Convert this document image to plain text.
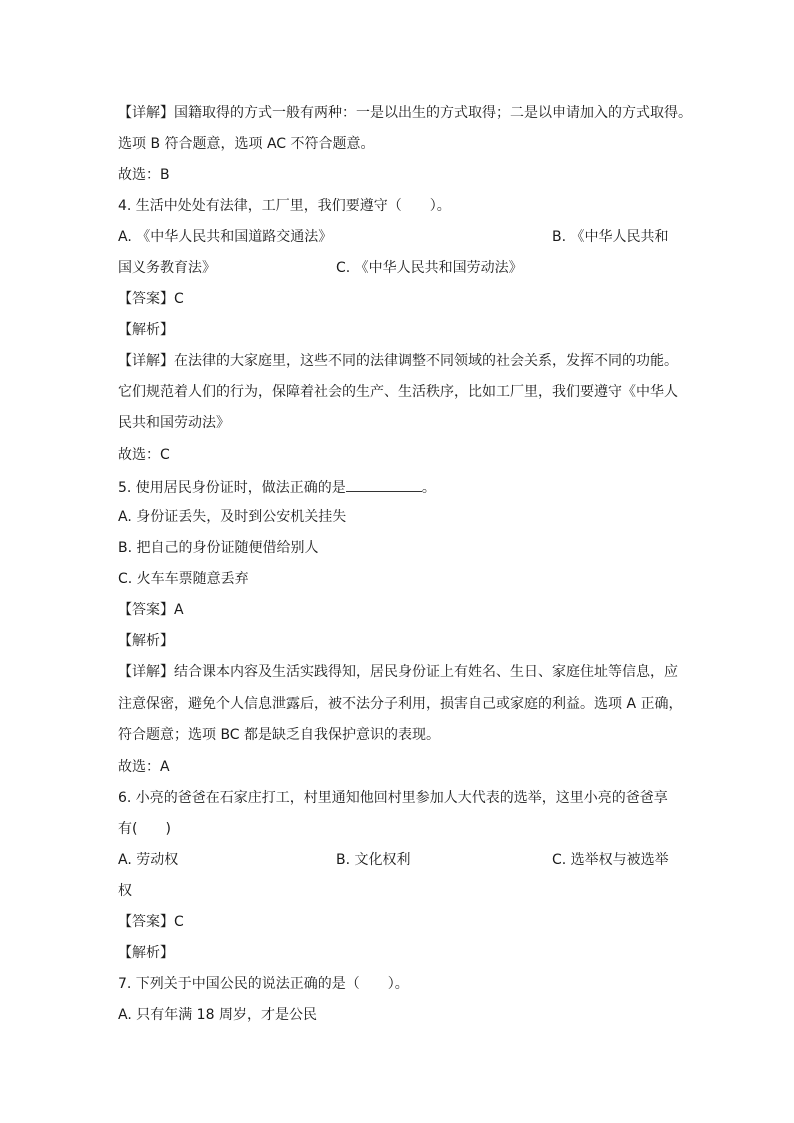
【详解】国籍取得的方式一般有两种：一是以出生的方式取得；二是以申请加入的方式取得。
选项 B 符合题意，选项 AC 不符合题意。
故选：B
4. 生活中处处有法律，工厂里，我们要遵守（　　）。
A. 《中华人民共和国道路交通法》	B. 《中华人民共和
国义务教育法》	C. 《中华人民共和国劳动法》
【答案】C
【解析】
【详解】在法律的大家庭里，这些不同的法律调整不同领域的社会关系，发挥不同的功能。
它们规范着人们的行为，保障着社会的生产、生活秩序，比如工厂里，我们要遵守《中华人
民共和国劳动法》
故选：C
5. 使用居民身份证时，做法正确的是	。
A. 身份证丢失，及时到公安机关挂失
B. 把自己的身份证随便借给别人
C. 火车车票随意丢弃
【答案】A
【解析】
【详解】结合课本内容及生活实践得知，居民身份证上有姓名、生日、家庭住址等信息，应
注意保密，避免个人信息泄露后，被不法分子利用，损害自己或家庭的利益。选项 A 正确，
符合题意；选项 BC 都是缺乏自我保护意识的表现。
故选：A
6. 小亮的爸爸在石家庄打工，村里通知他回村里参加人大代表的选举，这里小亮的爸爸享
有(　　)
A. 劳动权	B. 文化权利	C. 选举权与被选举
权
【答案】C
【解析】
7. 下列关于中国公民的说法正确的是（　　）。
A. 只有年满 18 周岁，才是公民
